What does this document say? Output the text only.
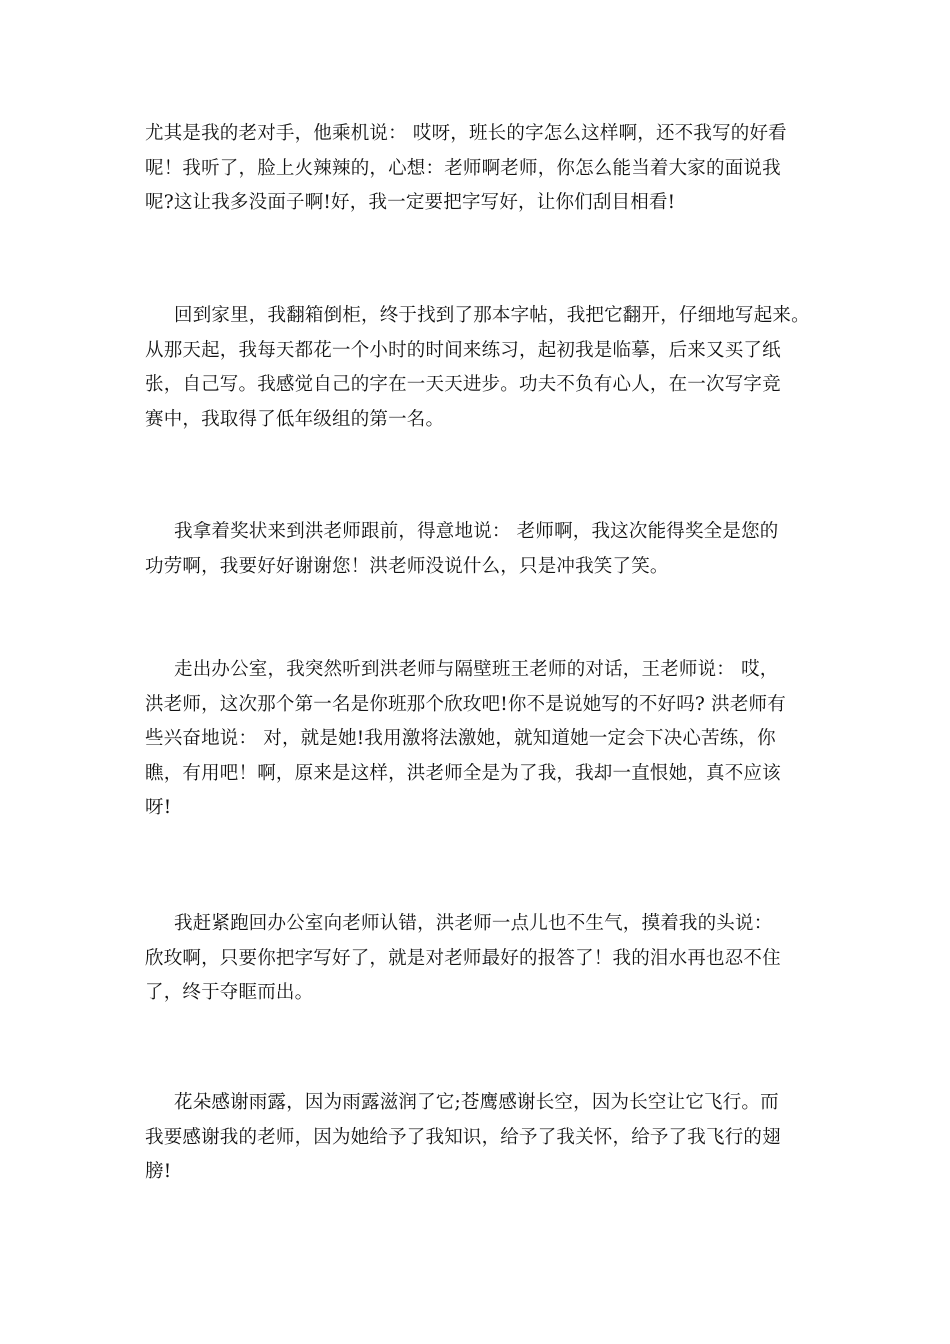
尤其是我的老对手，他乘机说： 哎呀，班长的字怎么这样啊，还不我写的好看
呢！我听了，脸上火辣辣的，心想：老师啊老师，你怎么能当着大家的面说我
呢?这让我多没面子啊!好，我一定要把字写好，让你们刮目相看!
回到家里，我翻箱倒柜，终于找到了那本字帖，我把它翻开，仔细地写起来。
从那天起，我每天都花一个小时的时间来练习，起初我是临摹，后来又买了纸
张，自己写。我感觉自己的字在一天天进步。功夫不负有心人，在一次写字竞
赛中，我取得了低年级组的第一名。
我拿着奖状来到洪老师跟前，得意地说： 老师啊，我这次能得奖全是您的
功劳啊，我要好好谢谢您！洪老师没说什么，只是冲我笑了笑。
走出办公室，我突然听到洪老师与隔壁班王老师的对话，王老师说： 哎，
洪老师，这次那个第一名是你班那个欣玫吧!你不是说她写的不好吗? 洪老师有
些兴奋地说： 对，就是她!我用激将法激她，就知道她一定会下决心苦练，你
瞧，有用吧！啊，原来是这样，洪老师全是为了我，我却一直恨她，真不应该
呀!
我赶紧跑回办公室向老师认错，洪老师一点儿也不生气，摸着我的头说：
欣玫啊，只要你把字写好了，就是对老师最好的报答了！我的泪水再也忍不住
了，终于夺眶而出。
花朵感谢雨露，因为雨露滋润了它;苍鹰感谢长空，因为长空让它飞行。而
我要感谢我的老师，因为她给予了我知识，给予了我关怀，给予了我飞行的翅
膀!
